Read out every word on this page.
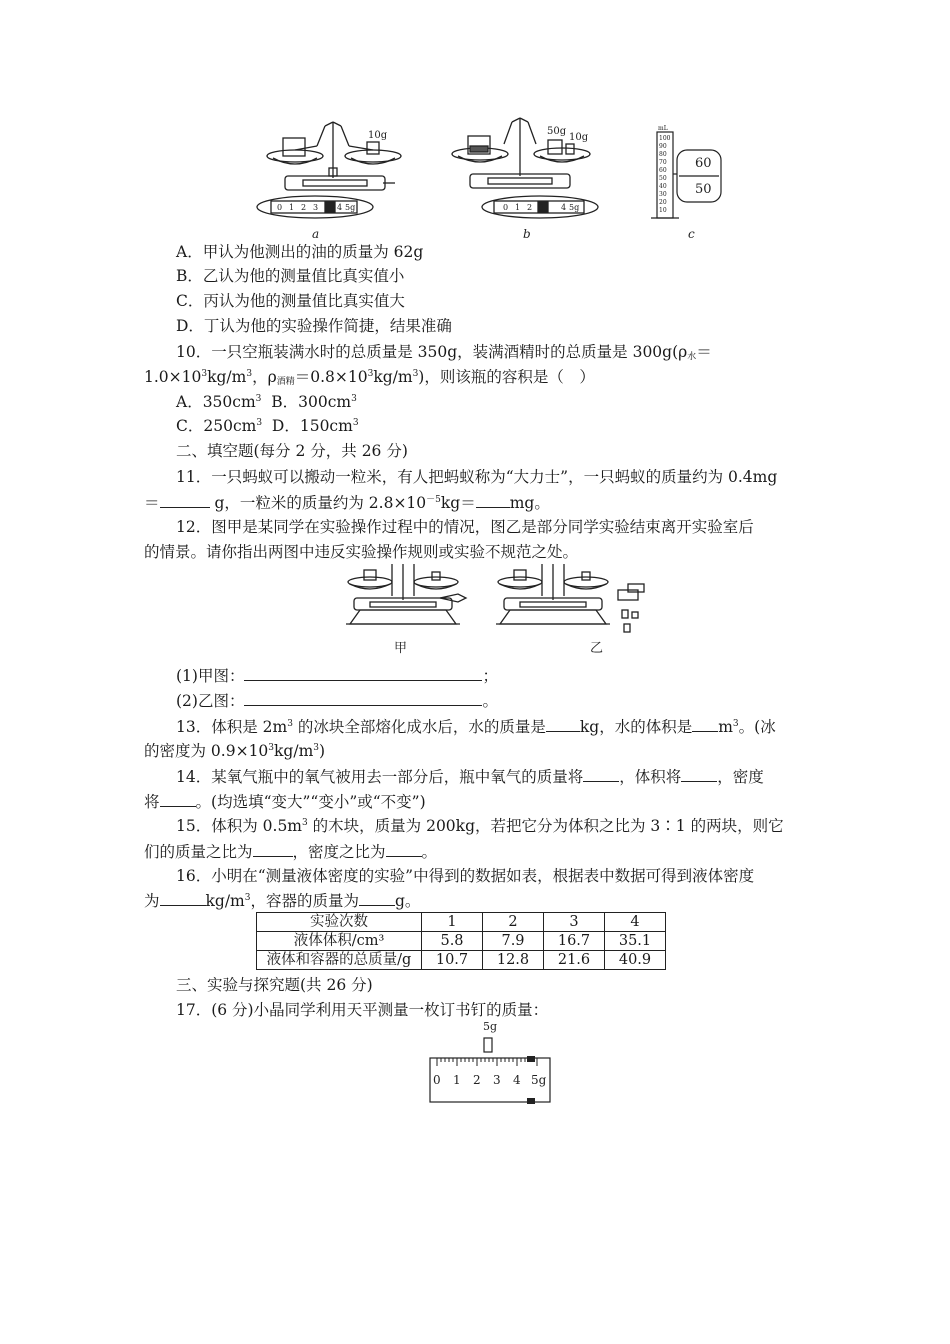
10g
0 1 2 3 4 5g
50g
10g
0 1 2 3 4 5g
mL
100
90
80
70
60
50
40
30
20
10
60
50
a	b	c
A．甲认为他测出的油的质量为 62g
B．乙认为他的测量值比真实值小
C．丙认为他的测量值比真实值大
D．丁认为他的实验操作简捷，结果准确
10．一只空瓶装满水时的总质量是 350g，装满酒精时的总质量是 $300g(\rho_水=$
$1.0\times 10^3kg/m^3$，$\rho_{酒精}=0.8\times 10^3kg/m^3$)，则该瓶的容积是（　）
A．$350cm^3$ B．$300cm^3$
C．$250cm^3$ D．$150cm^3$
二、填空题(每分 2 分，共 26 分)
11．一只蚂蚁可以搬动一粒米，有人把蚂蚁称为“大力士”，一只蚂蚁的质量约为 0.4mg
＝	g，一粒米的质量约为 $2.8\times 10^{-5}kg=$ mg。
12．图甲是某同学在实验操作过程中的情况，图乙是部分同学实验结束离开实验室后
的情景。请你指出两图中违反实验操作规则或实验不规范之处。
甲	乙
(1)甲图：	；
(2)乙图：	。
13．体积是 $2m^3$ 的冰块全部熔化成水后，水的质量是 kg，水的体积是 $m^3$。(冰
的密度为 $0.9\times 10^3kg/m^3$)
14．某氧气瓶中的氧气被用去一部分后，瓶中氧气的质量将 ，体积将 ，密度
将 。(均选填“变大”“变小”或“不变”)
15．体积为 $0.5m^3$ 的木块，质量为 200kg，若把它分为体积之比为 3∶1 的两块，则它
们的质量之比为	，密度之比为 。
16．小明在“测量液体密度的实验”中得到的数据如表，根据表中数据可得到液体密度
为	$kg/m^3$，容器的质量为 g。
实验次数	1	2	3	4
液体体积/cm³	5.8	7.9	16.7	35.1
液体和容器的总质量/g	10.7	12.8	21.6	40.9
三、实验与探究题(共 26 分)
17．(6 分)小晶同学利用天平测量一枚订书钉的质量：
5g
0 1 2 3 4 5g
